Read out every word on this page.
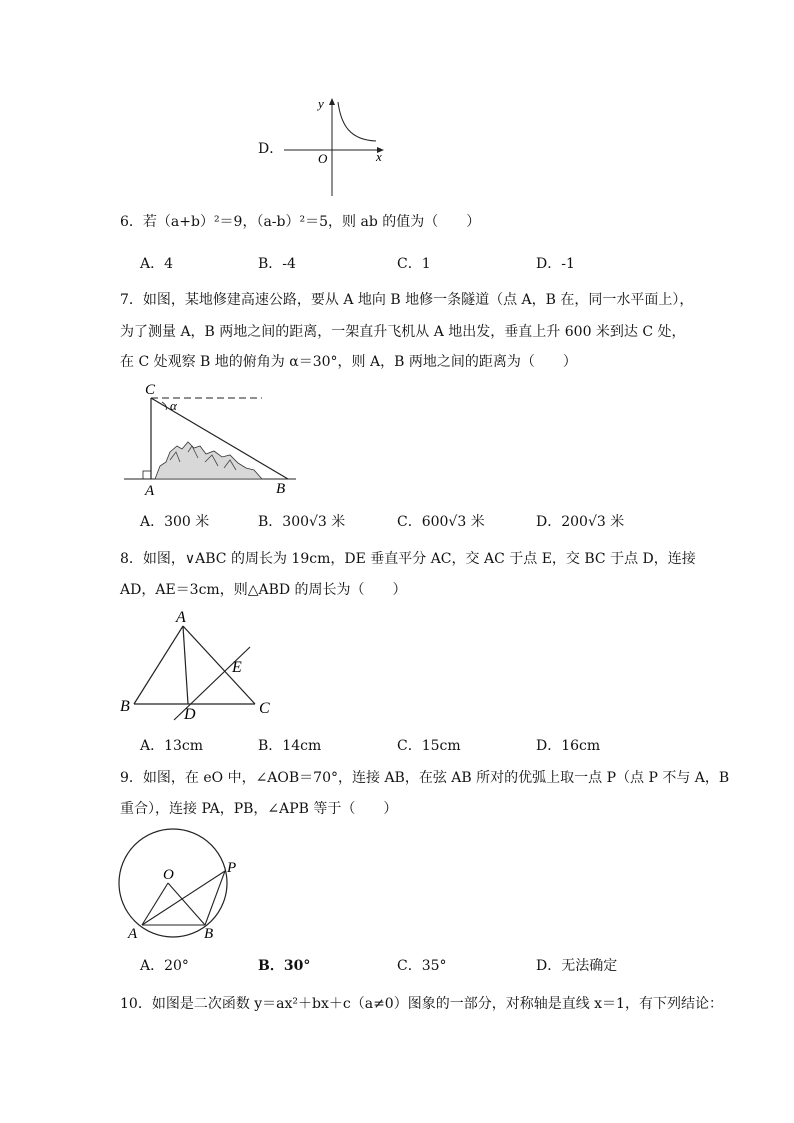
D．
y
x
O
6．若（a+b）²＝9，（a-b）²＝5，则 ab 的值为（　　）
A．4	B．-4	C．1	D．-1
7．如图，某地修建高速公路，要从 A 地向 B 地修一条隧道（点 A，B 在，同一水平面上），
为了测量 A，B 两地之间的距离，一架直升飞机从 A 地出发，垂直上升 600 米到达 C 处，
在 C 处观察 B 地的俯角为 α＝30°，则 A，B 两地之间的距离为（　　）
C
α
A	B
A．300 米	B．300√3 米	C．600√3 米	D．200√3 米
8．如图，∨ABC 的周长为 19cm，DE 垂直平分 AC，交 AC 于点 E，交 BC 于点 D，连接
AD，AE＝3cm，则△ABD 的周长为（　　）
A
B	C
D
E
A．13cm	B．14cm	C．15cm	D．16cm
9．如图，在 eO 中，∠AOB＝70°，连接 AB，在弦 AB 所对的优弧上取一点 P（点 P 不与 A，B
重合），连接 PA，PB，∠APB 等于（　　）
O
A	B
P
A．20°	B．30°	C．35°	D．无法确定
10．如图是二次函数 y＝ax²＋bx＋c（a≠0）图象的一部分，对称轴是直线 x＝1，有下列结论：
